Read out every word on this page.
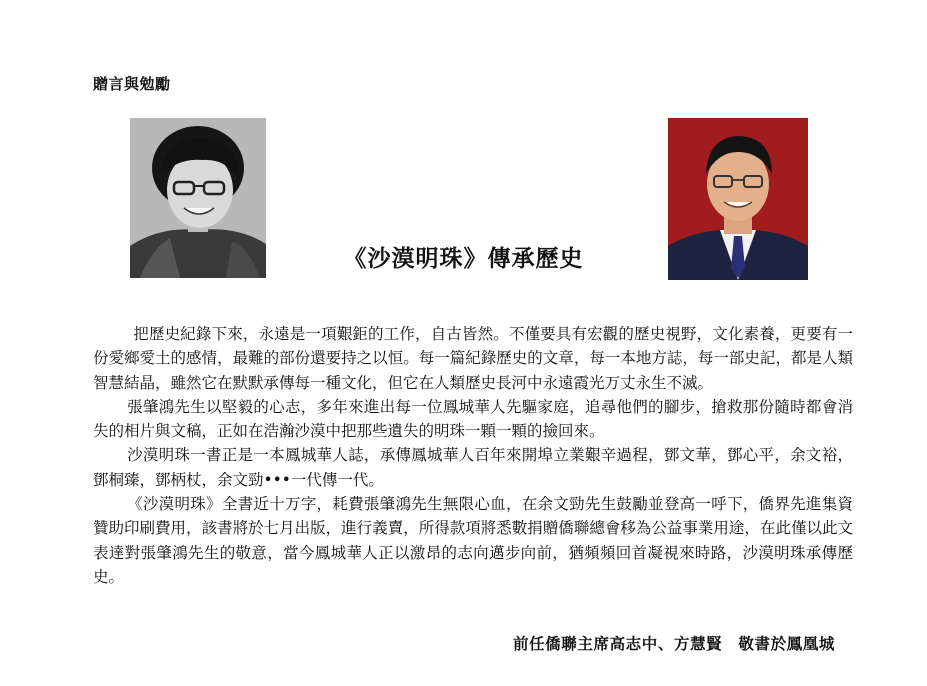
贈言與勉勵
《沙漠明珠》傳承歷史

把歷史紀錄下來，永遠是一項艱鉅的工作，自古皆然。不僅要具有宏觀的歷史視野，文化素養，更要有一份愛鄉愛土的感情，最難的部份還要持之以恒。每一篇紀錄歷史的文章，每一本地方誌，每一部史記，都是人類智慧結晶，雖然它在默默承傳每一種文化，但它在人類歷史長河中永遠霞光万丈永生不滅。

張肇鴻先生以堅毅的心志，多年來進出每一位鳳城華人先驅家庭，追尋他們的腳步，搶救那份隨時都會消失的相片與文稿，正如在浩瀚沙漠中把那些遺失的明珠一顆一顆的撿回來。

沙漠明珠一書正是一本鳳城華人誌，承傳鳳城華人百年來開埠立業艱辛過程，鄧文華，鄧心平，余文裕，鄧桐臻，鄧柄杖，余文勁•••一代傳一代。

《沙漠明珠》全書近十万字，耗費張肇鴻先生無限心血，在余文勁先生鼓勵並登高一呼下，僑界先進集資贊助印刷費用，該書將於七月出版，進行義賣，所得款項將悉數捐贈僑聯總會移為公益事業用途，在此僅以此文表達對張肇鴻先生的敬意，當今鳳城華人正以激昂的志向邁步向前，猶頻頻回首凝視來時路，沙漠明珠承傳歷史。

前任僑聯主席高志中、方慧賢　敬書於鳳凰城
